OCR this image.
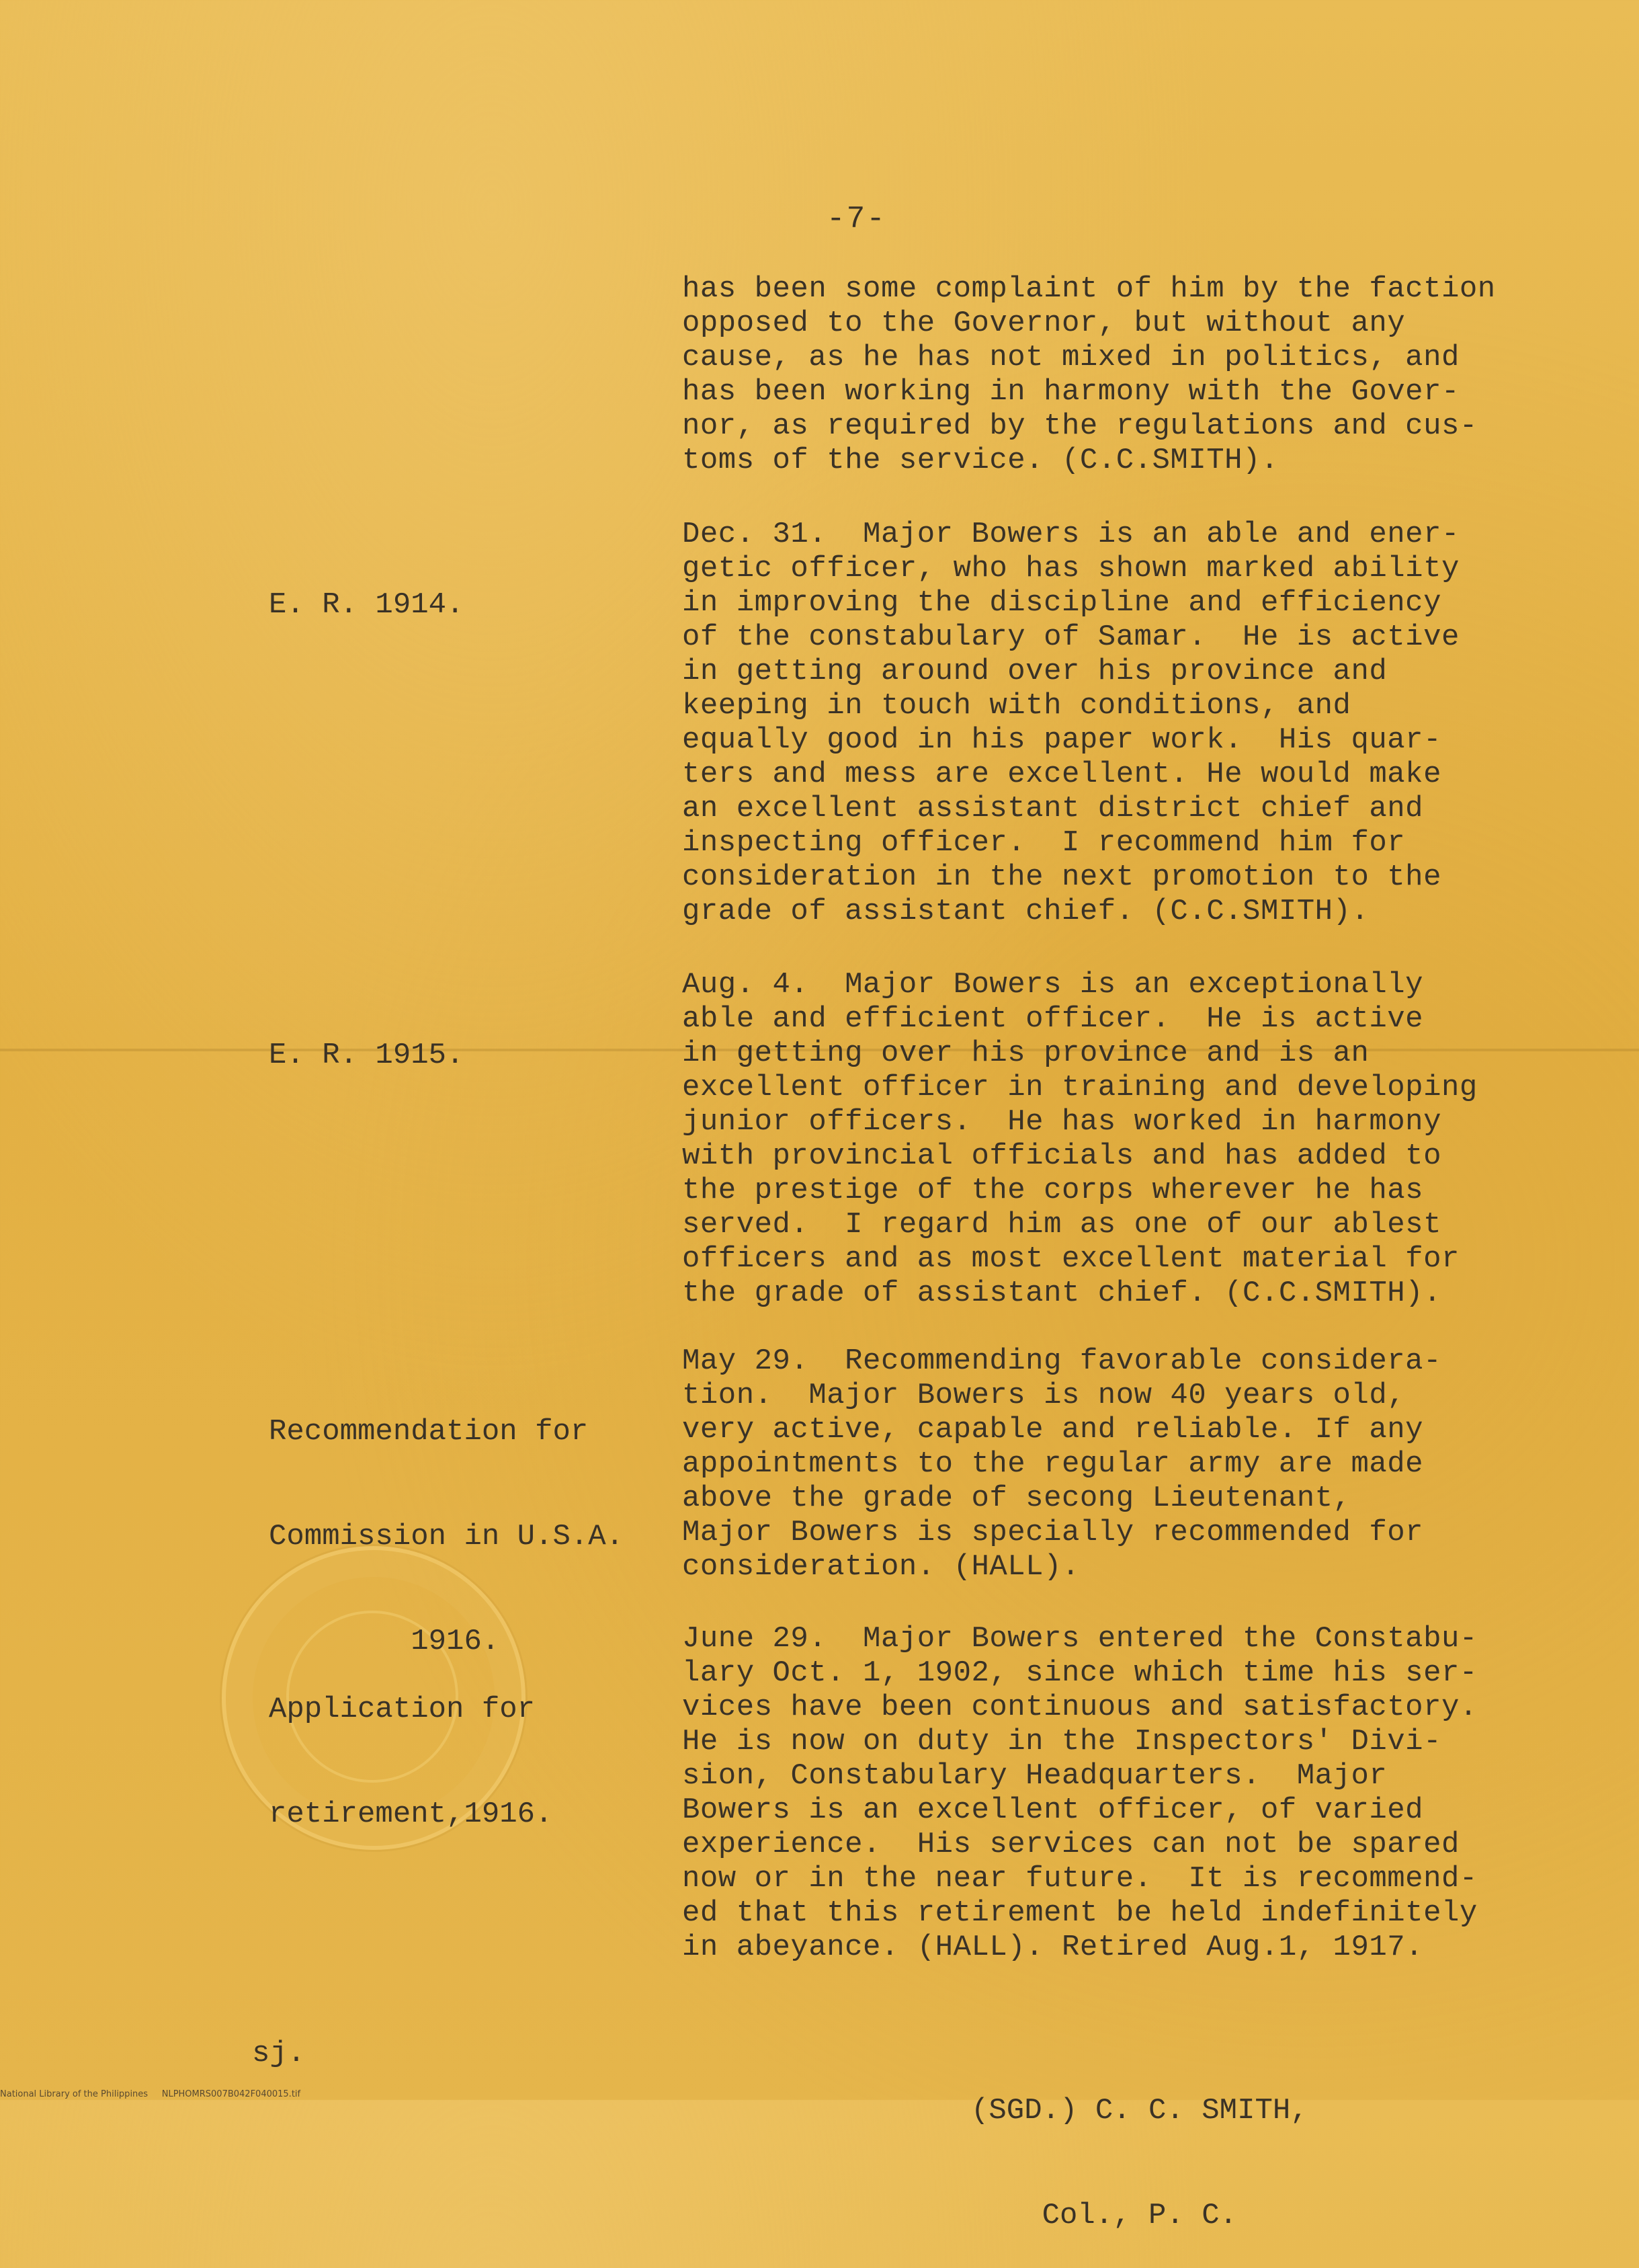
-7-

has been some complaint of him by the faction

opposed to the Governor, but without any

cause, as he has not mixed in politics, and

has been working in harmony with the Gover-

nor, as required by the regulations and cus-

toms of the service. (C.C.SMITH).

E. R. 1914.

Dec. 31.  Major Bowers is an able and ener-

getic officer, who has shown marked ability

in improving the discipline and efficiency

of the constabulary of Samar.  He is active

in getting around over his province and

keeping in touch with conditions, and

equally good in his paper work.  His quar-

ters and mess are excellent. He would make

an excellent assistant district chief and

inspecting officer.  I recommend him for

consideration in the next promotion to the

grade of assistant chief. (C.C.SMITH).

E. R. 1915.

Aug. 4.  Major Bowers is an exceptionally

able and efficient officer.  He is active

in getting over his province and is an

excellent officer in training and developing

junior officers.  He has worked in harmony

with provincial officials and has added to

the prestige of the corps wherever he has

served.  I regard him as one of our ablest

officers and as most excellent material for

the grade of assistant chief. (C.C.SMITH).

Recommendation for

Commission in U.S.A.

1916.

May 29.  Recommending favorable considera-

tion.  Major Bowers is now 40 years old,

very active, capable and reliable. If any

appointments to the regular army are made

above the grade of secong Lieutenant,

Major Bowers is specially recommended for

consideration. (HALL).

Application for

retirement,1916.

June 29.  Major Bowers entered the Constabu-

lary Oct. 1, 1902, since which time his ser-

vices have been continuous and satisfactory.

He is now on duty in the Inspectors' Divi-

sion, Constabulary Headquarters.  Major

Bowers is an excellent officer, of varied

experience.  His services can not be spared

now or in the near future.  It is recommend-

ed that this retirement be held indefinitely

in abeyance. (HALL). Retired Aug.1, 1917.

sj.

(SGD.) C. C. SMITH,

Col., P. C.

National Library of the Philippines     NLPHOMRS007B042F040015.tif
